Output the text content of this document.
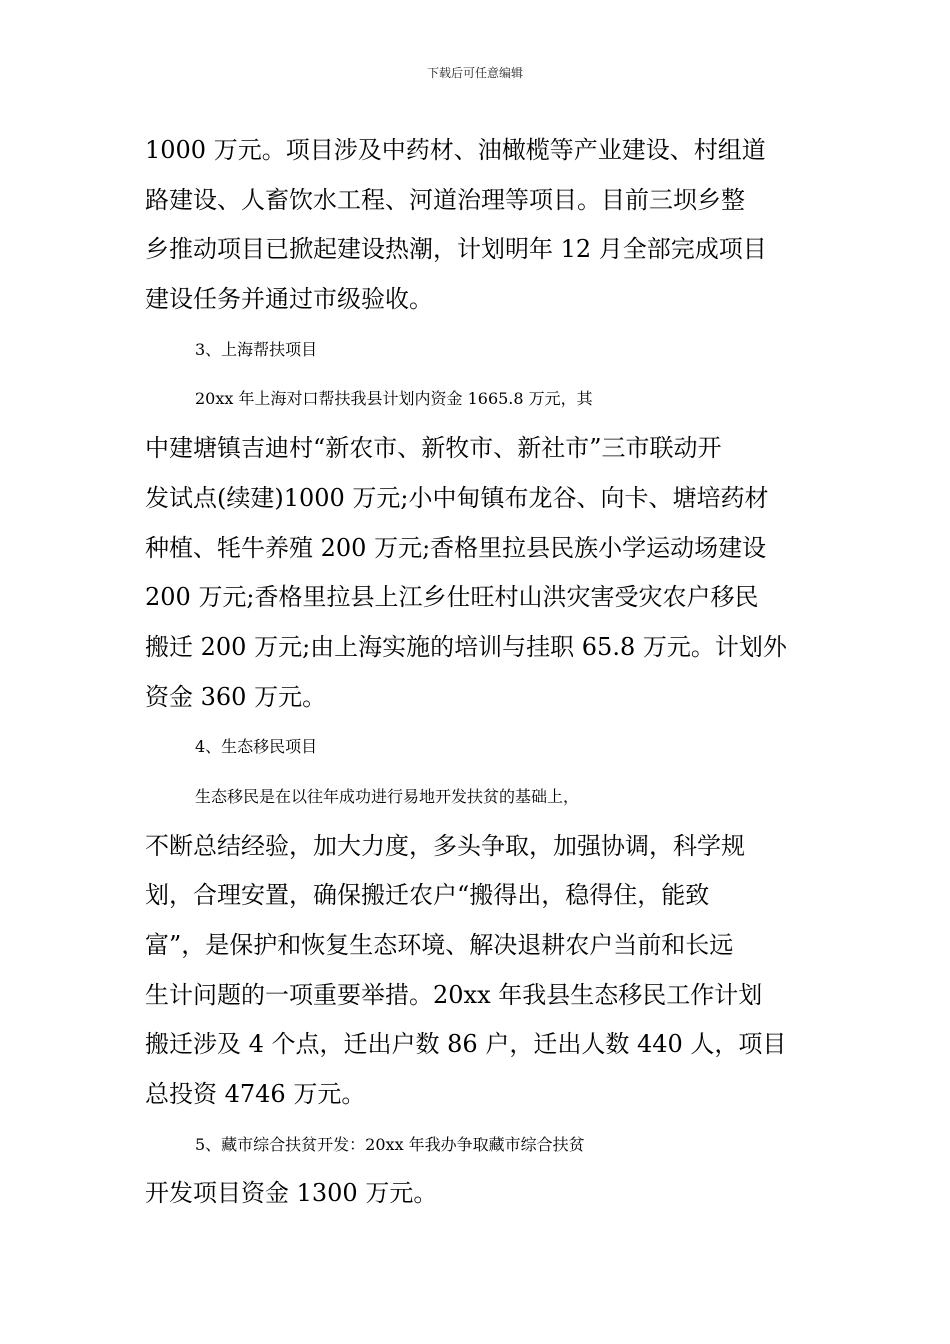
下载后可任意编辑
1000 万元。项目涉及中药材、油橄榄等产业建设、村组道
路建设、人畜饮水工程、河道治理等项目。目前三坝乡整
乡推动项目已掀起建设热潮，计划明年 12 月全部完成项目
建设任务并通过市级验收。
3、上海帮扶项目
20xx 年上海对口帮扶我县计划内资金 1665.8 万元，其
中建塘镇吉迪村“新农市、新牧市、新社市”三市联动开
发试点(续建)1000 万元;小中甸镇布龙谷、向卡、塘培药材
种植、牦牛养殖 200 万元;香格里拉县民族小学运动场建设
200 万元;香格里拉县上江乡仕旺村山洪灾害受灾农户移民
搬迁 200 万元;由上海实施的培训与挂职 65.8 万元。计划外
资金 360 万元。
4、生态移民项目
生态移民是在以往年成功进行易地开发扶贫的基础上，
不断总结经验，加大力度，多头争取，加强协调，科学规
划，合理安置，确保搬迁农户“搬得出，稳得住，能致
富”，是保护和恢复生态环境、解决退耕农户当前和长远
生计问题的一项重要举措。20xx 年我县生态移民工作计划
搬迁涉及 4 个点，迁出户数 86 户，迁出人数 440 人，项目
总投资 4746 万元。
5、藏市综合扶贫开发：20xx 年我办争取藏市综合扶贫
开发项目资金 1300 万元。
